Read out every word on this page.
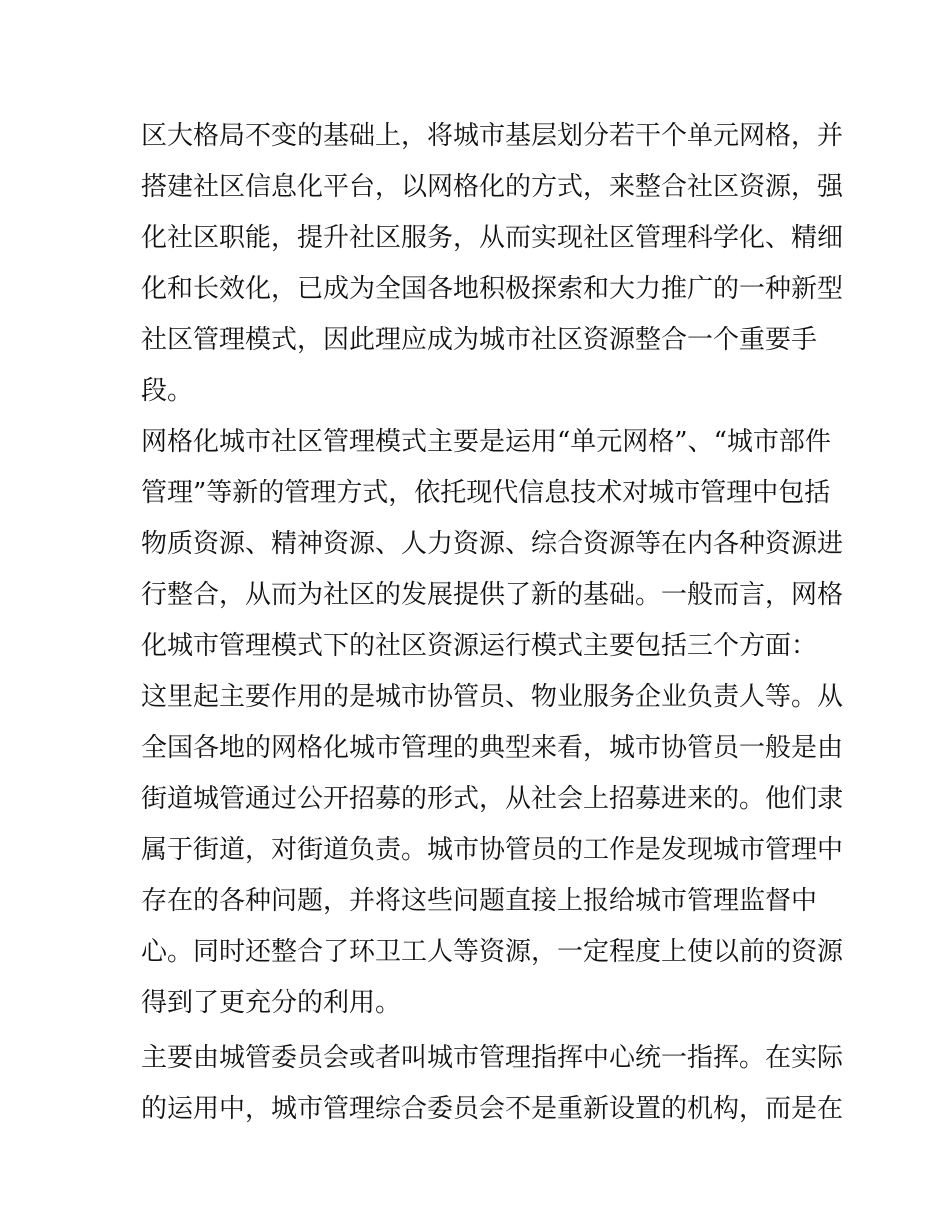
区大格局不变的基础上，将城市基层划分若干个单元网格，并
搭建社区信息化平台，以网格化的方式，来整合社区资源，强
化社区职能，提升社区服务，从而实现社区管理科学化、精细
化和长效化，已成为全国各地积极探索和大力推广的一种新型
社区管理模式，因此理应成为城市社区资源整合一个重要手
段。
网格化城市社区管理模式主要是运用“单元网格”、“城市部件
管理”等新的管理方式，依托现代信息技术对城市管理中包括
物质资源、精神资源、人力资源、综合资源等在内各种资源进
行整合，从而为社区的发展提供了新的基础。一般而言，网格
化城市管理模式下的社区资源运行模式主要包括三个方面：
这里起主要作用的是城市协管员、物业服务企业负责人等。从
全国各地的网格化城市管理的典型来看，城市协管员一般是由
街道城管通过公开招募的形式，从社会上招募进来的。他们隶
属于街道，对街道负责。城市协管员的工作是发现城市管理中
存在的各种问题，并将这些问题直接上报给城市管理监督中
心。同时还整合了环卫工人等资源，一定程度上使以前的资源
得到了更充分的利用。
主要由城管委员会或者叫城市管理指挥中心统一指挥。在实际
的运用中，城市管理综合委员会不是重新设置的机构，而是在
